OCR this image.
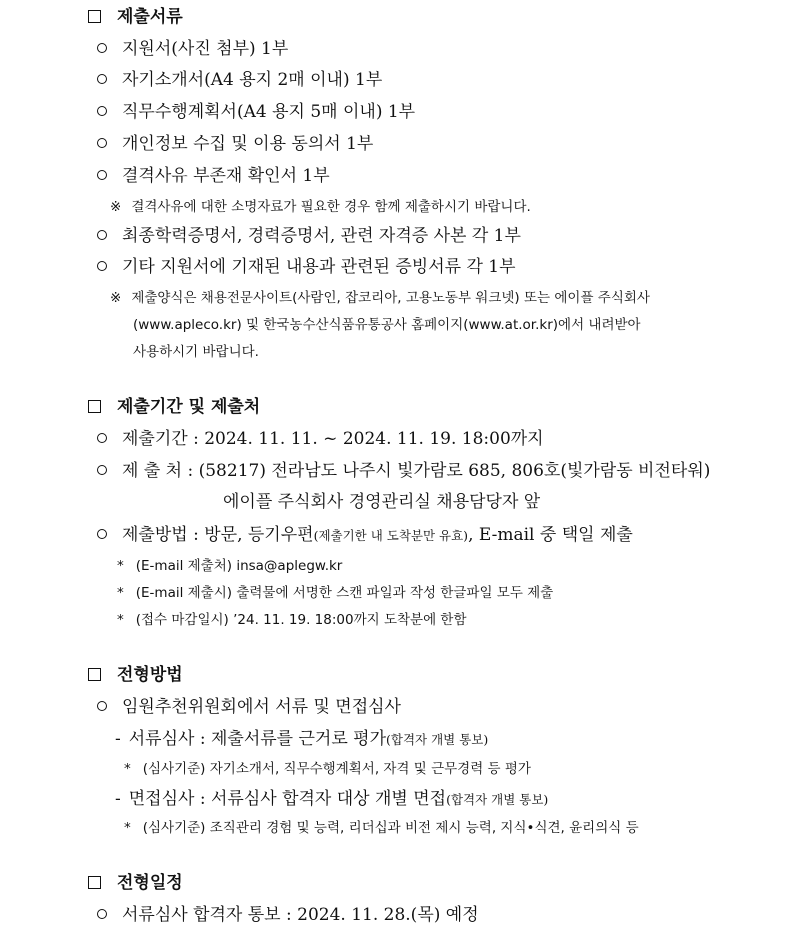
제출서류
지원서(사진 첨부) 1부
자기소개서(A4 용지 2매 이내) 1부
직무수행계획서(A4 용지 5매 이내) 1부
개인정보 수집 및 이용 동의서 1부
결격사유 부존재 확인서 1부
※ 결격사유에 대한 소명자료가 필요한 경우 함께 제출하시기 바랍니다.
최종학력증명서, 경력증명서, 관련 자격증 사본 각 1부
기타 지원서에 기재된 내용과 관련된 증빙서류 각 1부
※ 제출양식은 채용전문사이트(사람인, 잡코리아, 고용노동부 워크넷) 또는 에이플 주식회사
(www.apleco.kr) 및 한국농수산식품유통공사 홈페이지(www.at.or.kr)에서 내려받아
사용하시기 바랍니다.
제출기간 및 제출처
제출기간 : 2024. 11. 11. ~ 2024. 11. 19. 18:00까지
제 출 처 : (58217) 전라남도 나주시 빛가람로 685, 806호(빛가람동 비전타워)
에이플 주식회사 경영관리실 채용담당자 앞
제출방법 : 방문, 등기우편(제출기한 내 도착분만 유효), E-mail 중 택일 제출
* (E-mail 제출처) insa@aplegw.kr
* (E-mail 제출시) 출력물에 서명한 스캔 파일과 작성 한글파일 모두 제출
* (접수 마감일시) ’24. 11. 19. 18:00까지 도착분에 한함
전형방법
임원추천위원회에서 서류 및 면접심사
- 서류심사 : 제출서류를 근거로 평가(합격자 개별 통보)
* (심사기준) 자기소개서, 직무수행계획서, 자격 및 근무경력 등 평가
- 면접심사 : 서류심사 합격자 대상 개별 면접(합격자 개별 통보)
* (심사기준) 조직관리 경험 및 능력, 리더십과 비전 제시 능력, 지식•식견, 윤리의식 등
전형일정
서류심사 합격자 통보 : 2024. 11. 28.(목) 예정
